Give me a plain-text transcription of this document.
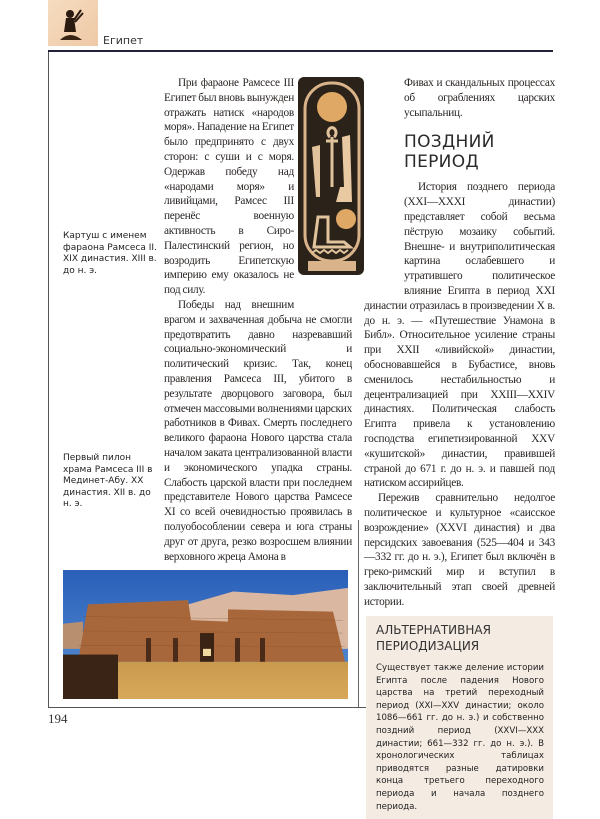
Египет
Картуш с именем фараона Рамсеса II. XIX династия. XIII в. до н. э.
Первый пилон храма Рамсеса III в Мединет-Абу. XX династия. XII в. до н. э.

При фараоне Рамсесе III Египет был вновь вынужден отражать натиск «народов моря». Нападение на Египет было предпринято с двух сторон: с суши и с моря. Одержав победу над «народами моря» и ливийцами, Рамсес III перенёс военную активность в Сиро-Палестинский регион, но возродить Египетскую империю ему оказалось не под силу.

Победы над внешним врагом и захваченная добыча не смогли предотвратить давно назревавший социально-экономический и политический кризис. Так, конец правления Рамсеса III, убитого в результате дворцового заговора, был отмечен массовыми волнениями царских работников в Фивах. Смерть последнего великого фараона Нового царства стала началом заката централизованной власти и экономического упадка страны. Слабость царской власти при последнем представителе Нового царства Рамсесе XI со всей очевидностью проявилась в полуобособлении севера и юга страны друг от друга, резко возросшем влиянии верховного жреца Амона в

Фивах и скандальных процессах об ограблениях царских усыпальниц.

ПОЗДНИЙ ПЕРИОД

История позднего периода (XXI—XXXI династии) представляет собой весьма пёструю мозаику событий. Внешне- и внутриполитическая картина ослабевшего и утратившего политическое влияние Египта в период XXI династии отразилась в произведении X в. до н. э. — «Путешествие Унамона в Библ». Относительное усиление страны при XXII «ливийской» династии, обосновавшейся в Бубастисе, вновь сменилось нестабильностью и децентрализацией при XXIII—XXIV династиях. Политическая слабость Египта привела к установлению господства египетизированной XXV «кушитской» династии, правившей страной до 671 г. до н. э. и павшей под натиском ассирийцев.

Пережив сравнительно недолгое политическое и культурное «саисское возрождение» (XXVI династия) и два персидских завоевания (525—404 и 343—332 гг. до н. э.), Египет был включён в греко-римский мир и вступил в заключительный этап своей древней истории.

АЛЬТЕРНАТИВНАЯ ПЕРИОДИЗАЦИЯ

Существует также деление истории Египта после падения Нового царства на третий переходный период (XXI—XXV династии; около 1086—661 гг. до н. э.) и собственно поздний период (XXVI—XXX династии; 661—332 гг. до н. э.). В хронологических таблицах приводятся разные датировки конца третьего переходного периода и начала позднего периода.

194
